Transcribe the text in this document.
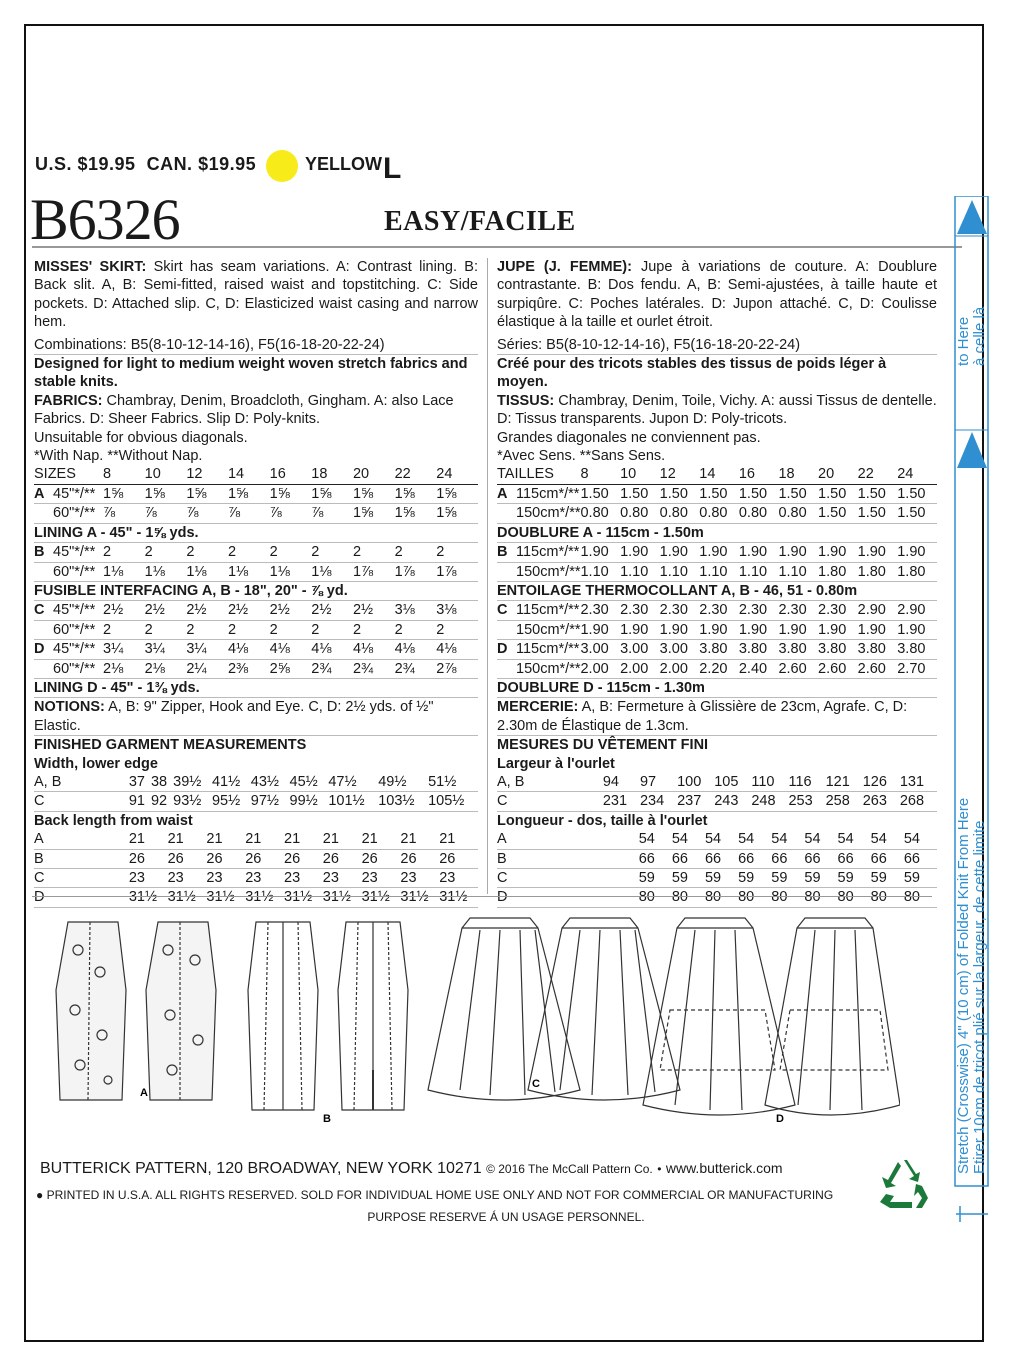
U.S. $19.95  CAN. $19.95	YELLOW L
B6326	EASY/FACILE

MISSES' SKIRT: Skirt has seam variations. A: Contrast lining. B: Back slit. A, B: Semi-fitted, raised waist and topstitching. C: Side pockets. D: Attached slip. C, D: Elasticized waist casing and narrow hem.

Combinations: B5(8-10-12-14-16), F5(16-18-20-22-24)

Designed for light to medium weight woven stretch fabrics and stable knits.

FABRICS: Chambray, Denim, Broadcloth, Gingham. A: also Lace Fabrics. D: Sheer Fabrics. Slip D: Poly-knits.

Unsuitable for obvious diagonals.

*With Nap. **Without Nap.

SIZES		8	10	12	14	16	18	20	22	24
A	45"*/**	1⅝	1⅝	1⅝	1⅝	1⅝	1⅝	1⅝	1⅝	1⅝
	60"*/**	⅞	⅞	⅞	⅞	⅞	⅞	1⅝	1⅝	1⅝
LINING A - 45" - 1⅝ yds.										
B	45"*/**	2	2	2	2	2	2	2	2	2
	60"*/**	1⅛	1⅛	1⅛	1⅛	1⅛	1⅛	1⅞	1⅞	1⅞
FUSIBLE INTERFACING A, B - 18", 20" - ⅞ yd.										
C	45"*/**	2½	2½	2½	2½	2½	2½	2½	3⅛	3⅛
	60"*/**	2	2	2	2	2	2	2	2	2
D	45"*/**	3¼	3¼	3¼	4⅛	4⅛	4⅛	4⅛	4⅛	4⅛
	60"*/**	2⅛	2⅛	2¼	2⅜	2⅝	2¾	2¾	2¾	2⅞
LINING D - 45" - 1⅜ yds.										

NOTIONS: A, B: 9" Zipper, Hook and Eye. C, D: 2½ yds. of ½" Elastic.

FINISHED GARMENT MEASUREMENTS

Width, lower edge

A, B	37	38	39½	41½	43½	45½	47½	49½	51½
C	91	92	93½	95½	97½	99½	101½	103½	105½

Back length from waist

A	21	21	21	21	21	21	21	21	21
B	26	26	26	26	26	26	26	26	26
C	23	23	23	23	23	23	23	23	23
D	31½	31½	31½	31½	31½	31½	31½	31½	31½

JUPE (J. FEMME): Jupe à variations de couture. A: Doublure contrastante. B: Dos fendu. A, B: Semi-ajustées, à taille haute et surpiqûre. C: Poches latérales. D: Jupon attaché. C, D: Coulisse élastique à la taille et ourlet étroit.

Séries: B5(8-10-12-14-16), F5(16-18-20-22-24)

Créé pour des tricots stables des tissus de poids léger à moyen.

TISSUS: Chambray, Denim, Toile, Vichy. A: aussi Tissus de dentelle. D: Tissus transparents. Jupon D: Poly-tricots.

Grandes diagonales ne conviennent pas.

*Avec Sens. **Sans Sens.

TAILLES		8	10	12	14	16	18	20	22	24
A	115cm*/**	1.50	1.50	1.50	1.50	1.50	1.50	1.50	1.50	1.50
	150cm*/**	0.80	0.80	0.80	0.80	0.80	0.80	1.50	1.50	1.50
DOUBLURE A - 115cm - 1.50m										
B	115cm*/**	1.90	1.90	1.90	1.90	1.90	1.90	1.90	1.90	1.90
	150cm*/**	1.10	1.10	1.10	1.10	1.10	1.10	1.80	1.80	1.80
ENTOILAGE THERMOCOLLANT A, B - 46, 51 - 0.80m										
C	115cm*/**	2.30	2.30	2.30	2.30	2.30	2.30	2.30	2.90	2.90
	150cm*/**	1.90	1.90	1.90	1.90	1.90	1.90	1.90	1.90	1.90
D	115cm*/**	3.00	3.00	3.00	3.80	3.80	3.80	3.80	3.80	3.80
	150cm*/**	2.00	2.00	2.00	2.20	2.40	2.60	2.60	2.60	2.70
DOUBLURE D - 115cm - 1.30m										

MERCERIE: A, B: Fermeture à Glissière de 23cm, Agrafe. C, D: 2.30m de Élastique de 1.3cm.

MESURES DU VÊTEMENT FINI

Largeur à l'ourlet

A, B	94	97	100	105	110	116	121	126	131
C	231	234	237	243	248	253	258	263	268

Longueur - dos, taille à l'ourlet

A	54	54	54	54	54	54	54	54	54
B	66	66	66	66	66	66	66	66	66
C	59	59	59	59	59	59	59	59	59
D	80	80	80	80	80	80	80	80	80
A
B
C
D
BUTTERICK PATTERN, 120 BROADWAY, NEW YORK 10271 © 2016 The McCall Pattern Co. • www.butterick.com
● PRINTED IN U.S.A. ALL RIGHTS RESERVED. SOLD FOR INDIVIDUAL HOME USE ONLY AND NOT FOR COMMERCIAL OR MANUFACTURING
PURPOSE RESERVE Á UN USAGE PERSONNEL.
to Here à celle là
Stretch (Crosswise) 4" (10 cm) of Folded Knit From Here Etirer 10cm de tricot plié sur la largeur, de cette limite
